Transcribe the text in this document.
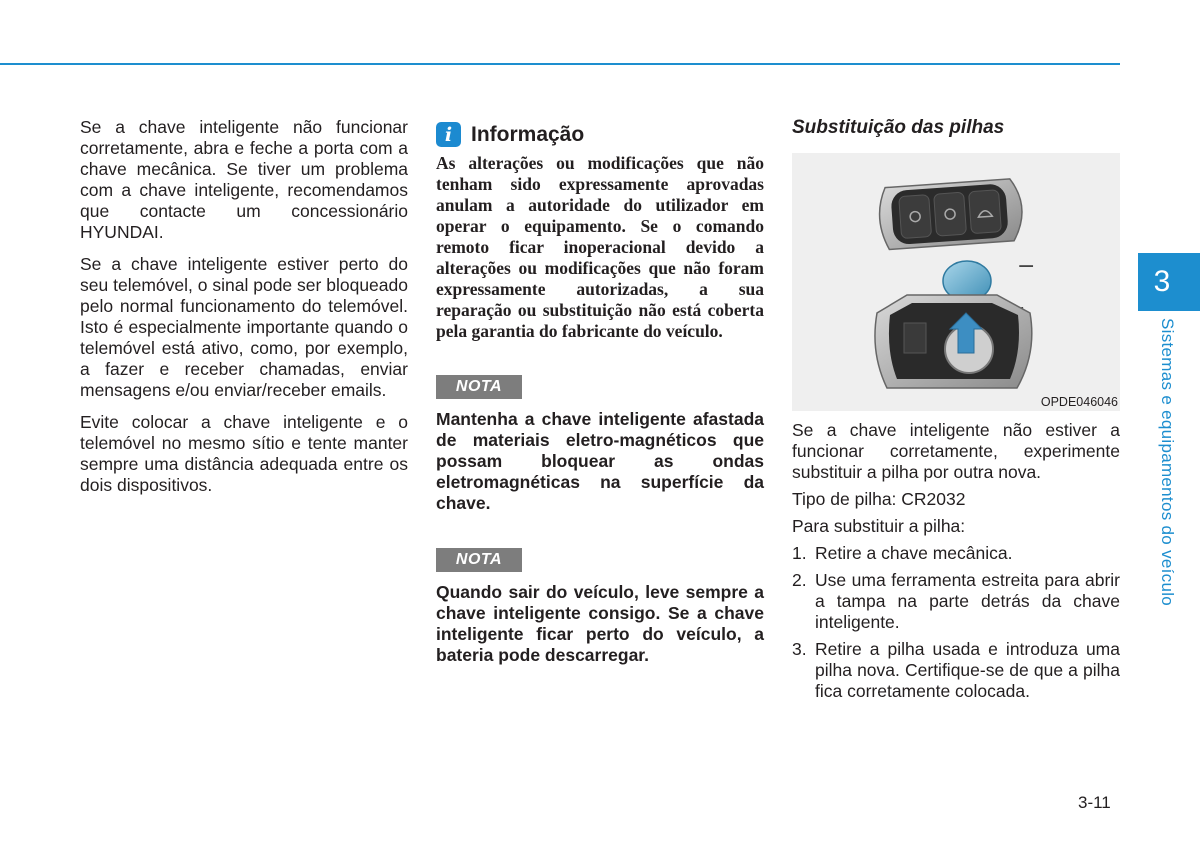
Se a chave inteligente não funcionar corretamente, abra e feche a porta com a chave mecânica. Se tiver um problema com a chave inteligente, recomendamos que contacte um concessionário HYUNDAI.

Se a chave inteligente estiver perto do seu telemóvel, o sinal pode ser bloqueado pelo normal funcionamento do telemóvel. Isto é especialmente importante quando o telemóvel está ativo, como, por exemplo, a fazer e receber chamadas, enviar mensagens e/ou enviar/receber emails.

Evite colocar a chave inteligente e o telemóvel no mesmo sítio e tente manter sempre uma distância adequada entre os dois dispositivos.

i Informação

As alterações ou modificações que não tenham sido expressamente aprovadas anulam a autoridade do utilizador em operar o equipamento. Se o comando remoto ficar inoperacional devido a alterações ou modificações que não foram expressamente autorizadas, a sua reparação ou substituição não está coberta pela garantia do fabricante do veículo.

NOTA

Mantenha a chave inteligente afastada de materiais eletro-magnéticos que possam bloquear as ondas eletromagnéticas na superfície da chave.

NOTA

Quando sair do veículo, leve sempre a chave inteligente consigo. Se a chave inteligente ficar perto do veículo, a bateria pode descarregar.

Substituição das pilhas
−
OPDE046046

Se a chave inteligente não estiver a funcionar corretamente, experimente substituir a pilha por outra nova.

Tipo de pilha: CR2032

Para substituir a pilha:

1. Retire a chave mecânica.
2. Use uma ferramenta estreita para abrir a tampa na parte detrás da chave inteligente.
3. Retire a pilha usada e introduza uma pilha nova. Certifique-se de que a pilha fica corretamente colocada.
3
Sistemas e equipamentos do veículo
3-11
